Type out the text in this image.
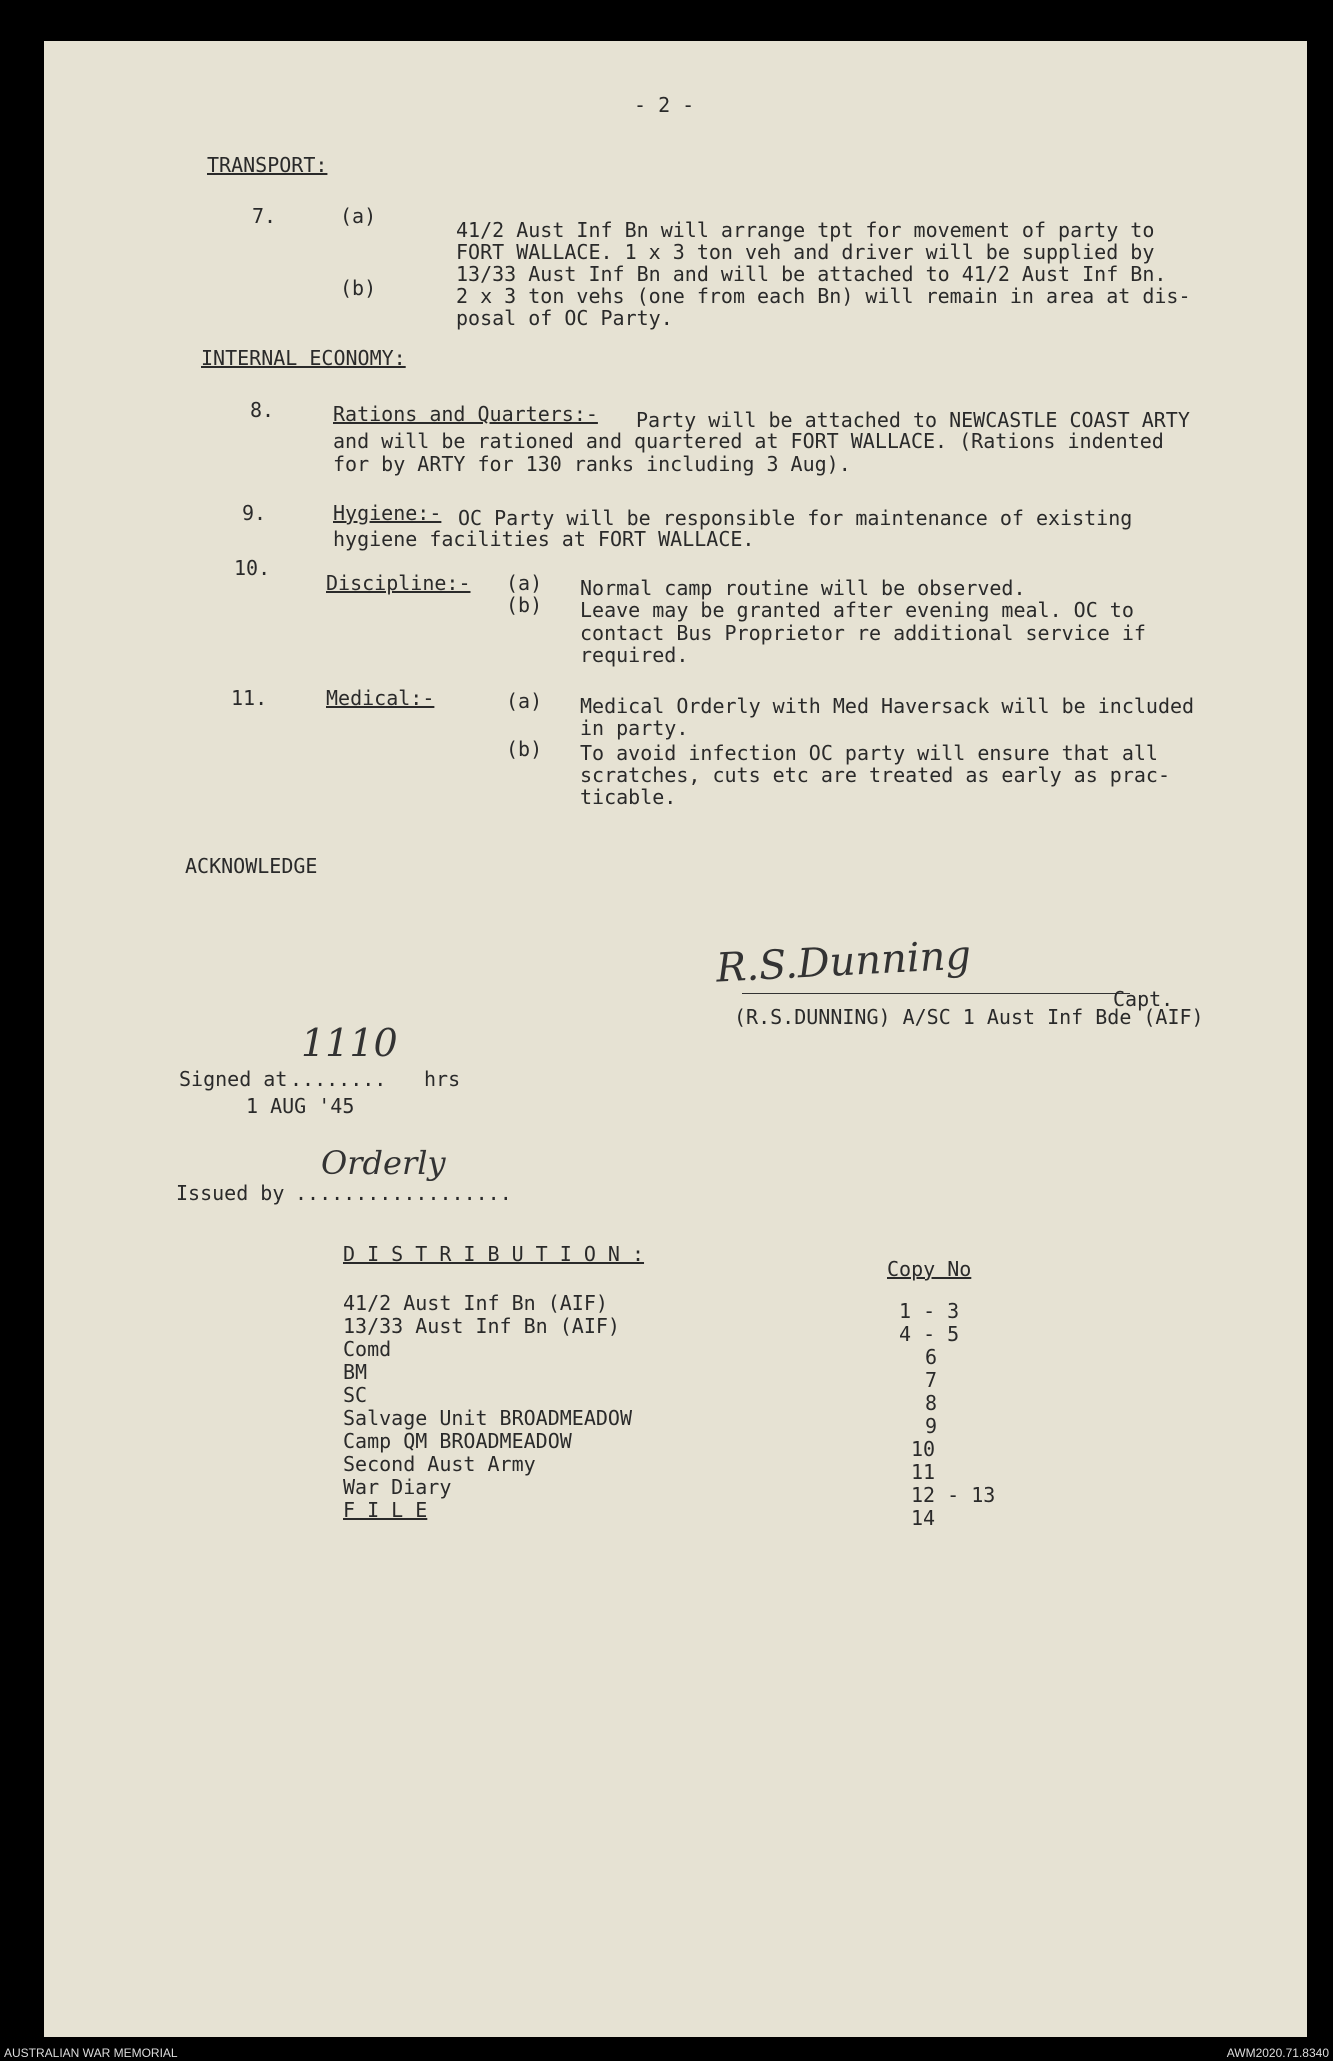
- 2 -
TRANSPORT:
7.	(a)
(b)
41/2 Aust Inf Bn will arrange tpt for movement of party to
FORT WALLACE. 1 x 3 ton veh and driver will be supplied by
13/33 Aust Inf Bn and will be attached to 41/2 Aust Inf Bn.
2 x 3 ton vehs (one from each Bn) will remain in area at dis-
posal of OC Party.
INTERNAL ECONOMY:
8.	Rations and Quarters:- Party will be attached to NEWCASTLE COAST ARTY
and will be rationed and quartered at FORT WALLACE. (Rations indented
for by ARTY for 130 ranks including 3 Aug).
9.	Hygiene:- OC Party will be responsible for maintenance of existing
hygiene facilities at FORT WALLACE.
10.
Discipline:- (a)
(b)
Normal camp routine will be observed.
Leave may be granted after evening meal. OC to
contact Bus Proprietor re additional service if
required.
11.	Medical:-	(a)
(b)
Medical Orderly with Med Haversack will be included
in party.
To avoid infection OC party will ensure that all
scratches, cuts etc are treated as early as prac-
ticable.
ACKNOWLEDGE
R.S.Dunning
Capt.
(R.S.DUNNING) A/SC 1 Aust Inf Bde (AIF)
Signed at ........
1110
hrs
1 AUG '45
Issued by ..................
Orderly
D I S T R I B U T I O N :
Copy No
41/2 Aust Inf Bn (AIF)	1 - 3
13/33 Aust Inf Bn (AIF)	4 - 5
Comd	6
BM	7
SC	8
Salvage Unit BROADMEADOW	9
Camp QM BROADMEADOW	10
Second Aust Army	11
War Diary	12 - 13
F I L E	14
AUSTRALIAN WAR MEMORIAL	AWM2020.71.8340
